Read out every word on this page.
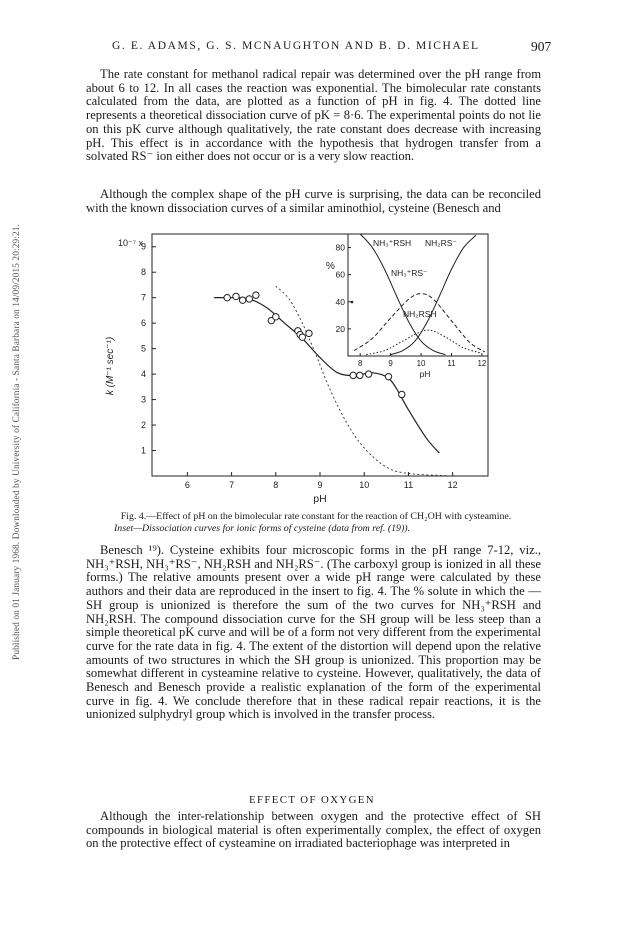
Published on 01 January 1968. Downloaded by University of California - Santa Barbara on 14/09/2015 20:29:21.
G. E. ADAMS, G. S. MCNAUGHTON AND B. D. MICHAEL	907

The rate constant for methanol radical repair was determined over the pH range from about 6 to 12. In all cases the reaction was exponential. The bimolecular rate constants calculated from the data, are plotted as a function of pH in fig. 4. The dotted line represents a theoretical dissociation curve of pK = 8·6. The experimental points do not lie on this pK curve although qualitatively, the rate constant does decrease with increasing pH. This effect is in accordance with the hypothesis that hydrogen transfer from a solvated RS⁻ ion either does not occur or is a very slow reaction.

Although the complex shape of the pH curve is surprising, the data can be reconciled with the known dissociation curves of a similar aminothiol, cysteine (Benesch and

6	7	8	9	10	11	12
1
2
3
4
5
6
7
8
9
10⁻⁷ x
k (M⁻¹ sec⁻¹)
pH
8	9	10	11	12
20
40
60
80
%
pH
NH₃⁺RSH NH₂RS⁻
NH₃⁺RS⁻
NH₂RSH
Fig. 4.—Effect of pH on the bimolecular rate constant for the reaction of CH₂OH with cysteamine.
Inset—Dissociation curves for ionic forms of cysteine (data from ref. (19)).

Benesch ¹⁹). Cysteine exhibits four microscopic forms in the pH range 7-12, viz., NH₃⁺RSH, NH₃⁺RS⁻, NH₂RSH and NH₂RS⁻. (The carboxyl group is ionized in all these forms.) The relative amounts present over a wide pH range were calculated by these authors and their data are reproduced in the insert to fig. 4. The % solute in which the —SH group is unionized is therefore the sum of the two curves for NH₃⁺RSH and NH₂RSH. The compound dissociation curve for the SH group will be less steep than a simple theoretical pK curve and will be of a form not very different from the experimental curve for the rate data in fig. 4. The extent of the distortion will depend upon the relative amounts of two structures in which the SH group is unionized. This proportion may be somewhat different in cysteamine relative to cysteine. However, qualitatively, the data of Benesch and Benesch provide a realistic explanation of the form of the experimental curve in fig. 4. We conclude therefore that in these radical repair reactions, it is the unionized sulphydryl group which is involved in the transfer process.

EFFECT OF OXYGEN

Although the inter-relationship between oxygen and the protective effect of SH compounds in biological material is often experimentally complex, the effect of oxygen on the protective effect of cysteamine on irradiated bacteriophage was interpreted in
